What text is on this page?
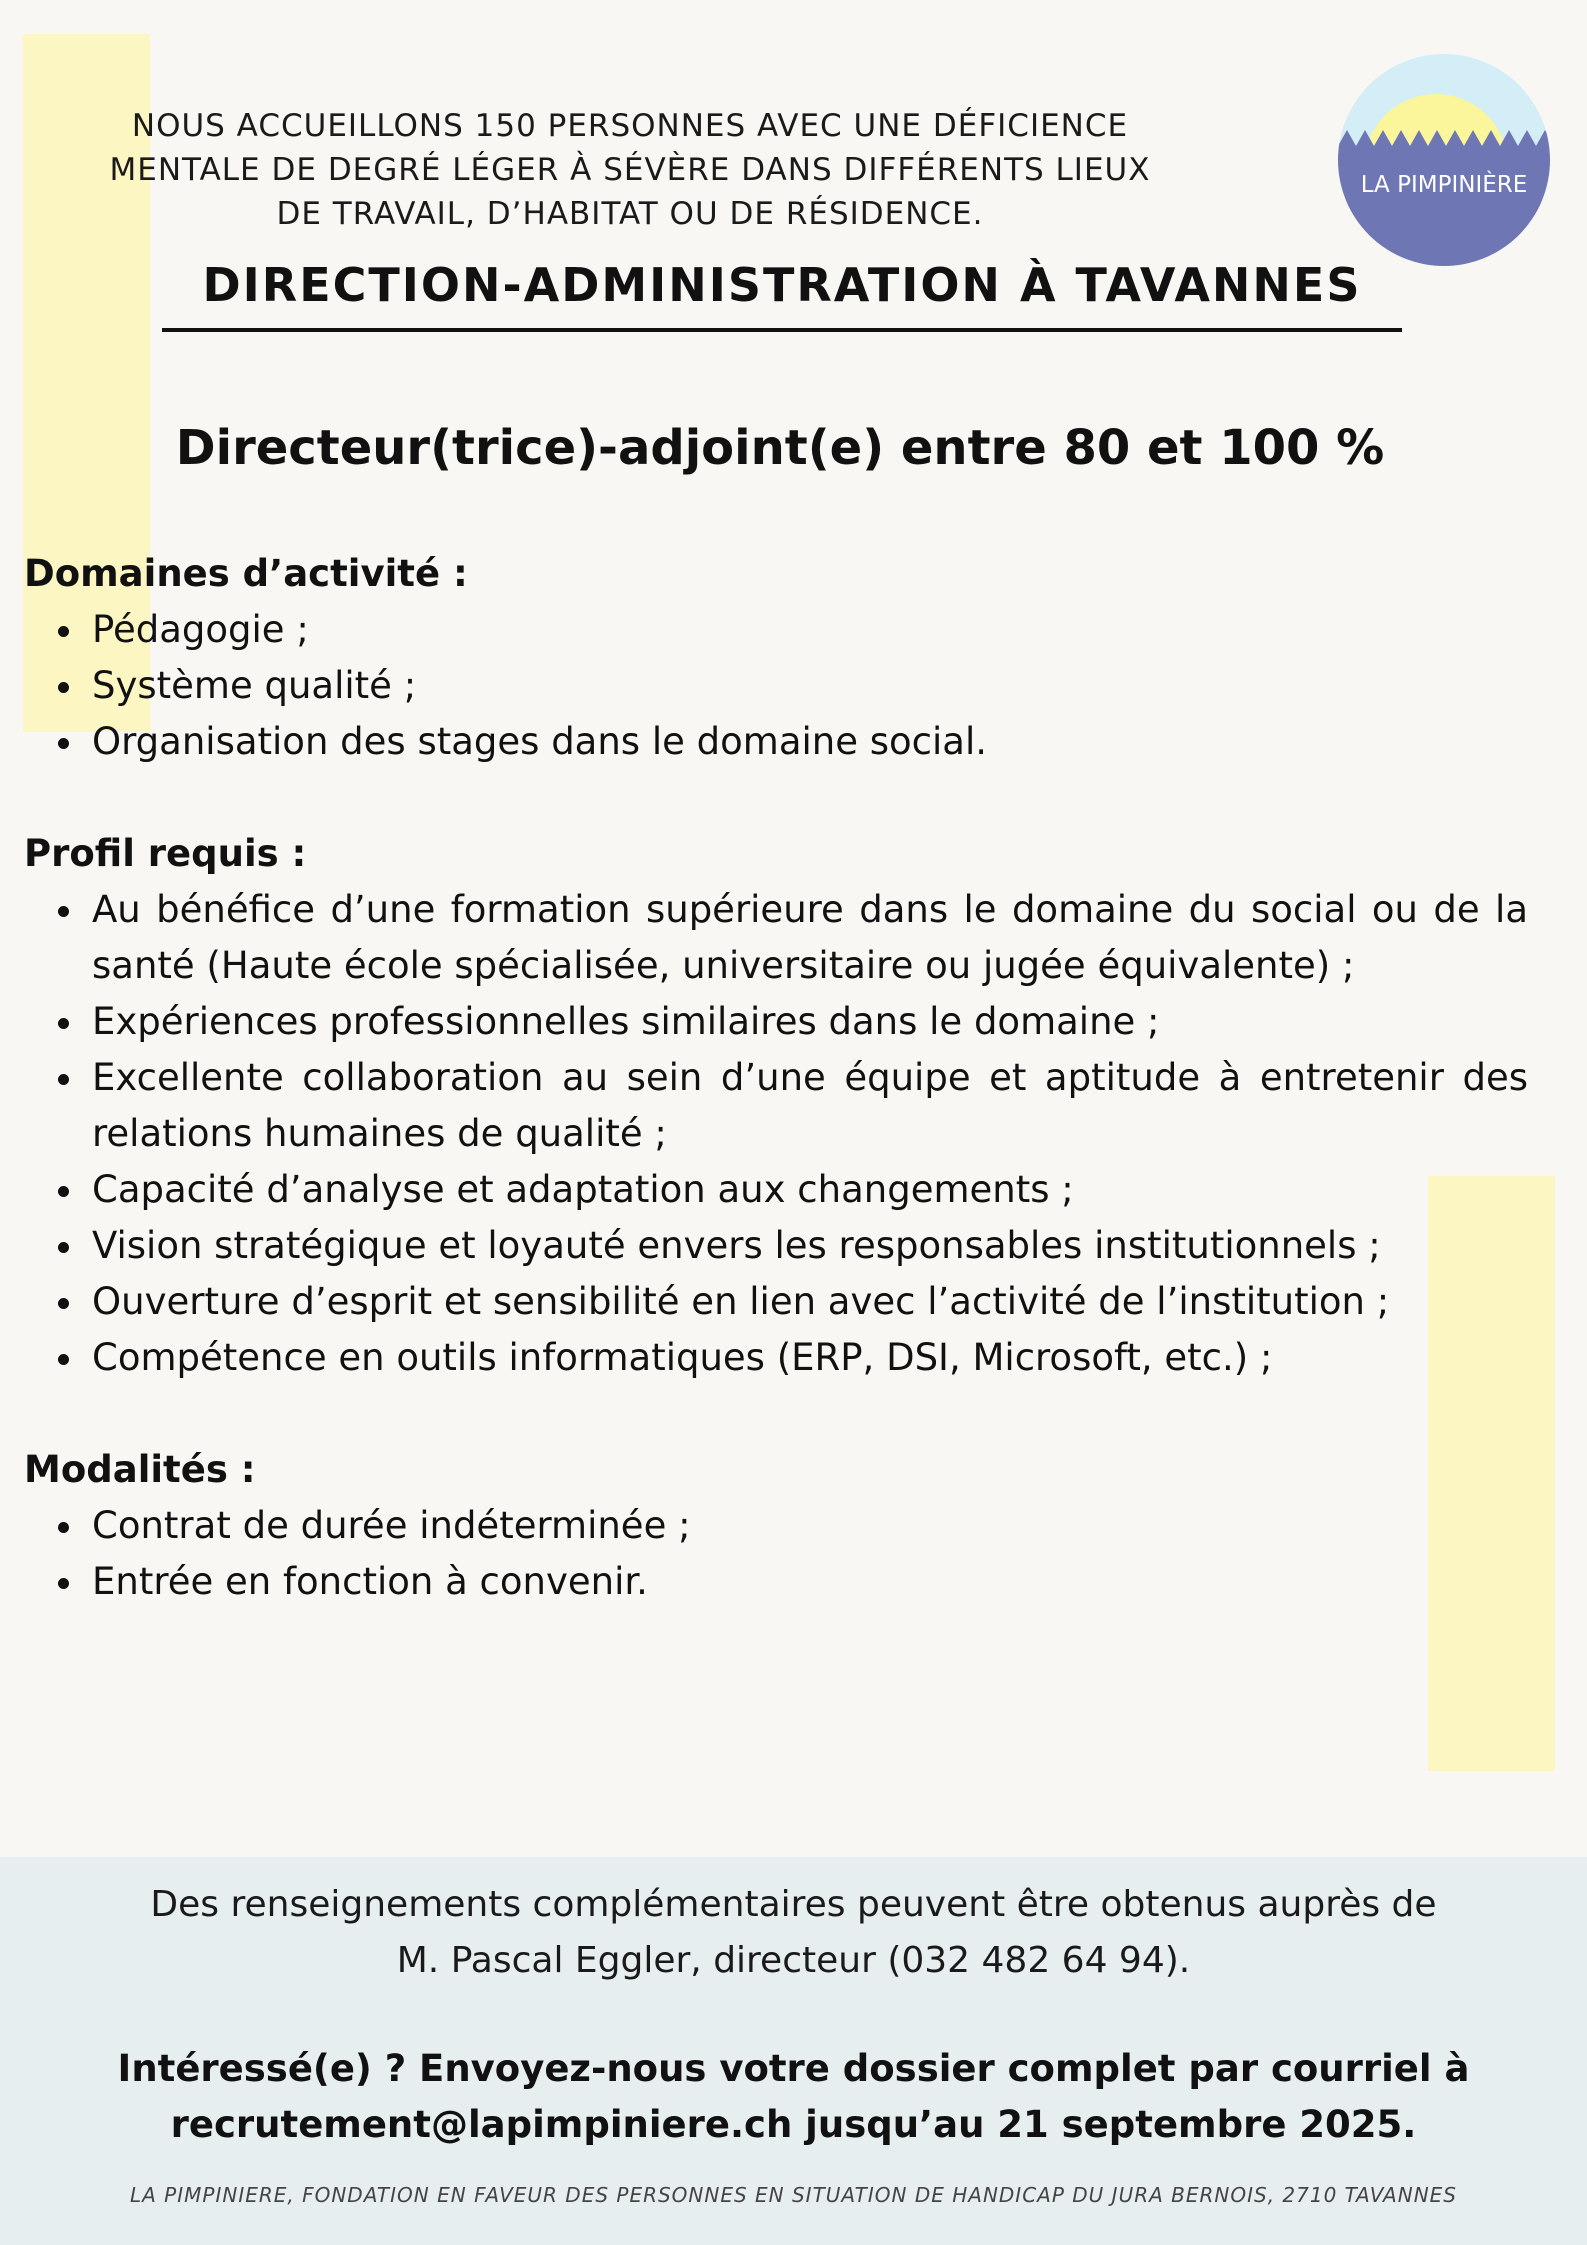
NOUS ACCUEILLONS 150 PERSONNES AVEC UNE DÉFICIENCE
MENTALE DE DEGRÉ LÉGER À SÉVÈRE DANS DIFFÉRENTS LIEUX
DE TRAVAIL, D’HABITAT OU DE RÉSIDENCE.
DIRECTION-ADMINISTRATION À TAVANNES
Directeur(trice)-adjoint(e) entre 80 et 100 %
LA PIMPINIÈRE

Domaines d’activité :

Pédagogie ;
Système qualité ;
Organisation des stages dans le domaine social.

Profil requis :

Au bénéfice d’une formation supérieure dans le domaine du social ou de la santé (Haute école spécialisée, universitaire ou jugée équivalente) ;
Expériences professionnelles similaires dans le domaine ;
Excellente collaboration au sein d’une équipe et aptitude à entretenir des relations humaines de qualité ;
Capacité d’analyse et adaptation aux changements ;
Vision stratégique et loyauté envers les responsables institutionnels ;
Ouverture d’esprit et sensibilité en lien avec l’activité de l’institution ;
Compétence en outils informatiques (ERP, DSI, Microsoft, etc.) ;

Modalités :

Contrat de durée indéterminée ;
Entrée en fonction à convenir.
Des renseignements complémentaires peuvent être obtenus auprès de
M. Pascal Eggler, directeur (032 482 64 94).
Intéressé(e) ? Envoyez-nous votre dossier complet par courriel à
recrutement@lapimpiniere.ch jusqu’au 21 septembre 2025.
LA PIMPINIERE, FONDATION EN FAVEUR DES PERSONNES EN SITUATION DE HANDICAP DU JURA BERNOIS, 2710 TAVANNES
